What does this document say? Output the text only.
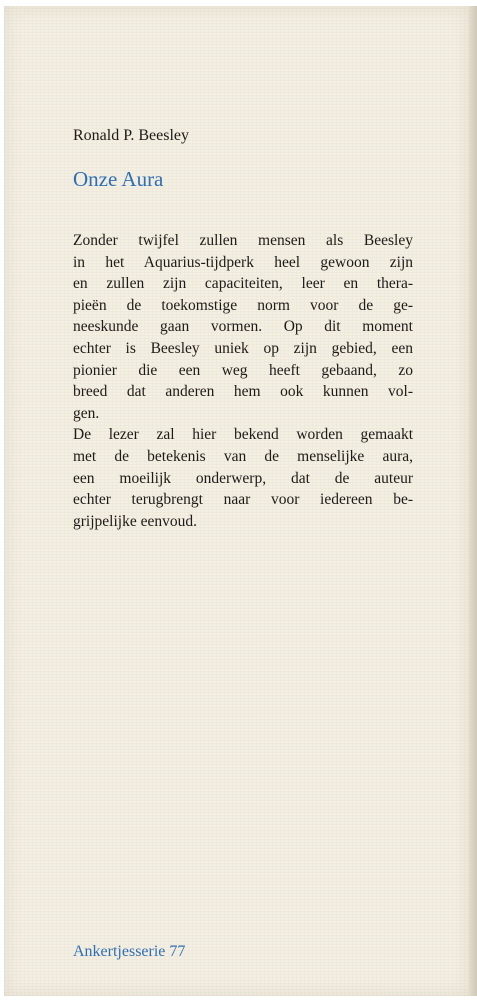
Ronald P. Beesley

Onze Aura
Zonder twijfel zullen mensen als Beesley
in het Aquarius-tijdperk heel gewoon zijn
en zullen zijn capaciteiten, leer en thera-
pieën de toekomstige norm voor de ge-
neeskunde gaan vormen. Op dit moment
echter is Beesley uniek op zijn gebied, een
pionier die een weg heeft gebaand, zo
breed dat anderen hem ook kunnen vol-
gen.
De lezer zal hier bekend worden gemaakt
met de betekenis van de menselijke aura,
een moeilijk onderwerp, dat de auteur
echter terugbrengt naar voor iedereen be-
grijpelijke eenvoud.

Ankertjesserie 77
